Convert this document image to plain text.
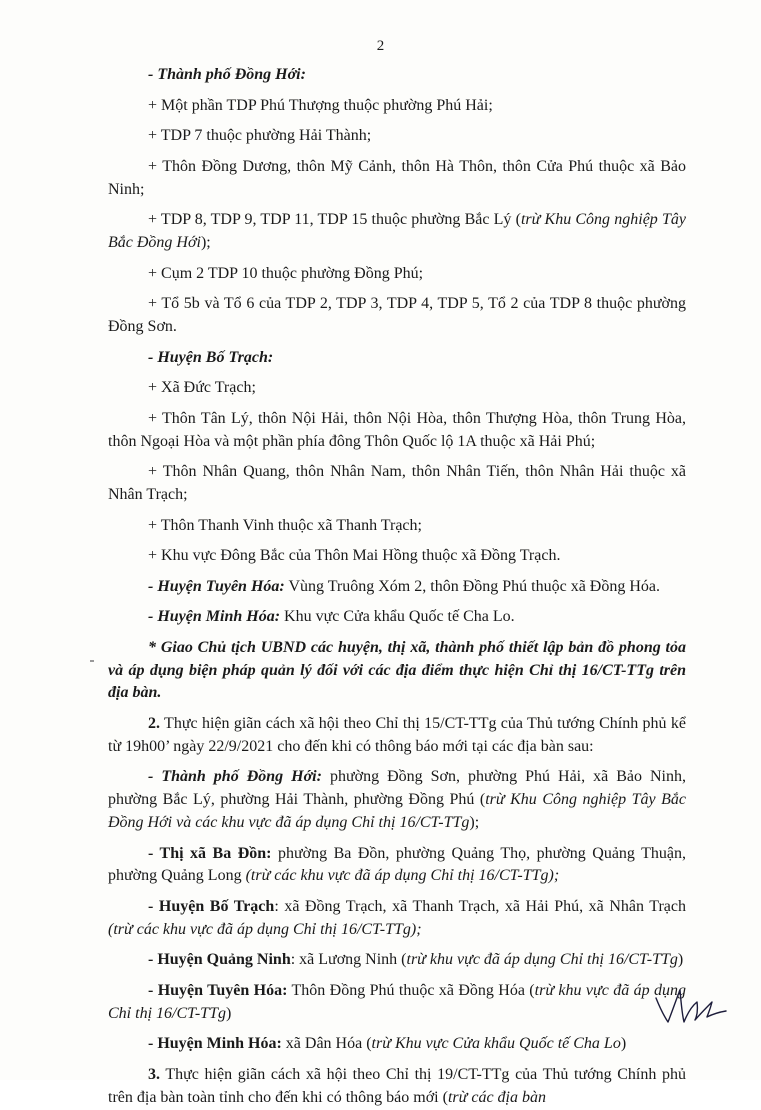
2

- Thành phố Đồng Hới:

+ Một phần TDP Phú Thượng thuộc phường Phú Hải;

+ TDP 7 thuộc phường Hải Thành;

+ Thôn Đồng Dương, thôn Mỹ Cảnh, thôn Hà Thôn, thôn Cửa Phú thuộc xã Bảo Ninh;

+ TDP 8, TDP 9, TDP 11, TDP 15 thuộc phường Bắc Lý (trừ Khu Công nghiệp Tây Bắc Đồng Hới);

+ Cụm 2 TDP 10 thuộc phường Đồng Phú;

+ Tổ 5b và Tổ 6 của TDP 2, TDP 3, TDP 4, TDP 5, Tổ 2 của TDP 8 thuộc phường Đồng Sơn.

- Huyện Bố Trạch:

+ Xã Đức Trạch;

+ Thôn Tân Lý, thôn Nội Hải, thôn Nội Hòa, thôn Thượng Hòa, thôn Trung Hòa, thôn Ngoại Hòa và một phần phía đông Thôn Quốc lộ 1A thuộc xã Hải Phú;

+ Thôn Nhân Quang, thôn Nhân Nam, thôn Nhân Tiến, thôn Nhân Hải thuộc xã Nhân Trạch;

+ Thôn Thanh Vinh thuộc xã Thanh Trạch;

+ Khu vực Đông Bắc của Thôn Mai Hồng thuộc xã Đồng Trạch.

- Huyện Tuyên Hóa: Vùng Truông Xóm 2, thôn Đồng Phú thuộc xã Đồng Hóa.

- Huyện Minh Hóa: Khu vực Cửa khẩu Quốc tế Cha Lo.

* Giao Chủ tịch UBND các huyện, thị xã, thành phố thiết lập bản đồ phong tỏa và áp dụng biện pháp quản lý đối với các địa điểm thực hiện Chỉ thị 16/CT-TTg trên địa bàn.

2. Thực hiện giãn cách xã hội theo Chỉ thị 15/CT-TTg của Thủ tướng Chính phủ kể từ 19h00’ ngày 22/9/2021 cho đến khi có thông báo mới tại các địa bàn sau:

- Thành phố Đồng Hới: phường Đồng Sơn, phường Phú Hải, xã Bảo Ninh, phường Bắc Lý, phường Hải Thành, phường Đồng Phú (trừ Khu Công nghiệp Tây Bắc Đồng Hới và các khu vực đã áp dụng Chỉ thị 16/CT-TTg);

- Thị xã Ba Đồn: phường Ba Đồn, phường Quảng Thọ, phường Quảng Thuận, phường Quảng Long (trừ các khu vực đã áp dụng Chỉ thị 16/CT-TTg);

- Huyện Bố Trạch: xã Đồng Trạch, xã Thanh Trạch, xã Hải Phú, xã Nhân Trạch (trừ các khu vực đã áp dụng Chỉ thị 16/CT-TTg);

- Huyện Quảng Ninh: xã Lương Ninh (trừ khu vực đã áp dụng Chỉ thị 16/CT-TTg)

- Huyện Tuyên Hóa: Thôn Đồng Phú thuộc xã Đồng Hóa (trừ khu vực đã áp dụng Chỉ thị 16/CT-TTg)

- Huyện Minh Hóa: xã Dân Hóa (trừ Khu vực Cửa khẩu Quốc tế Cha Lo)

3. Thực hiện giãn cách xã hội theo Chỉ thị 19/CT-TTg của Thủ tướng Chính phủ trên địa bàn toàn tỉnh cho đến khi có thông báo mới (trừ các địa bàn
